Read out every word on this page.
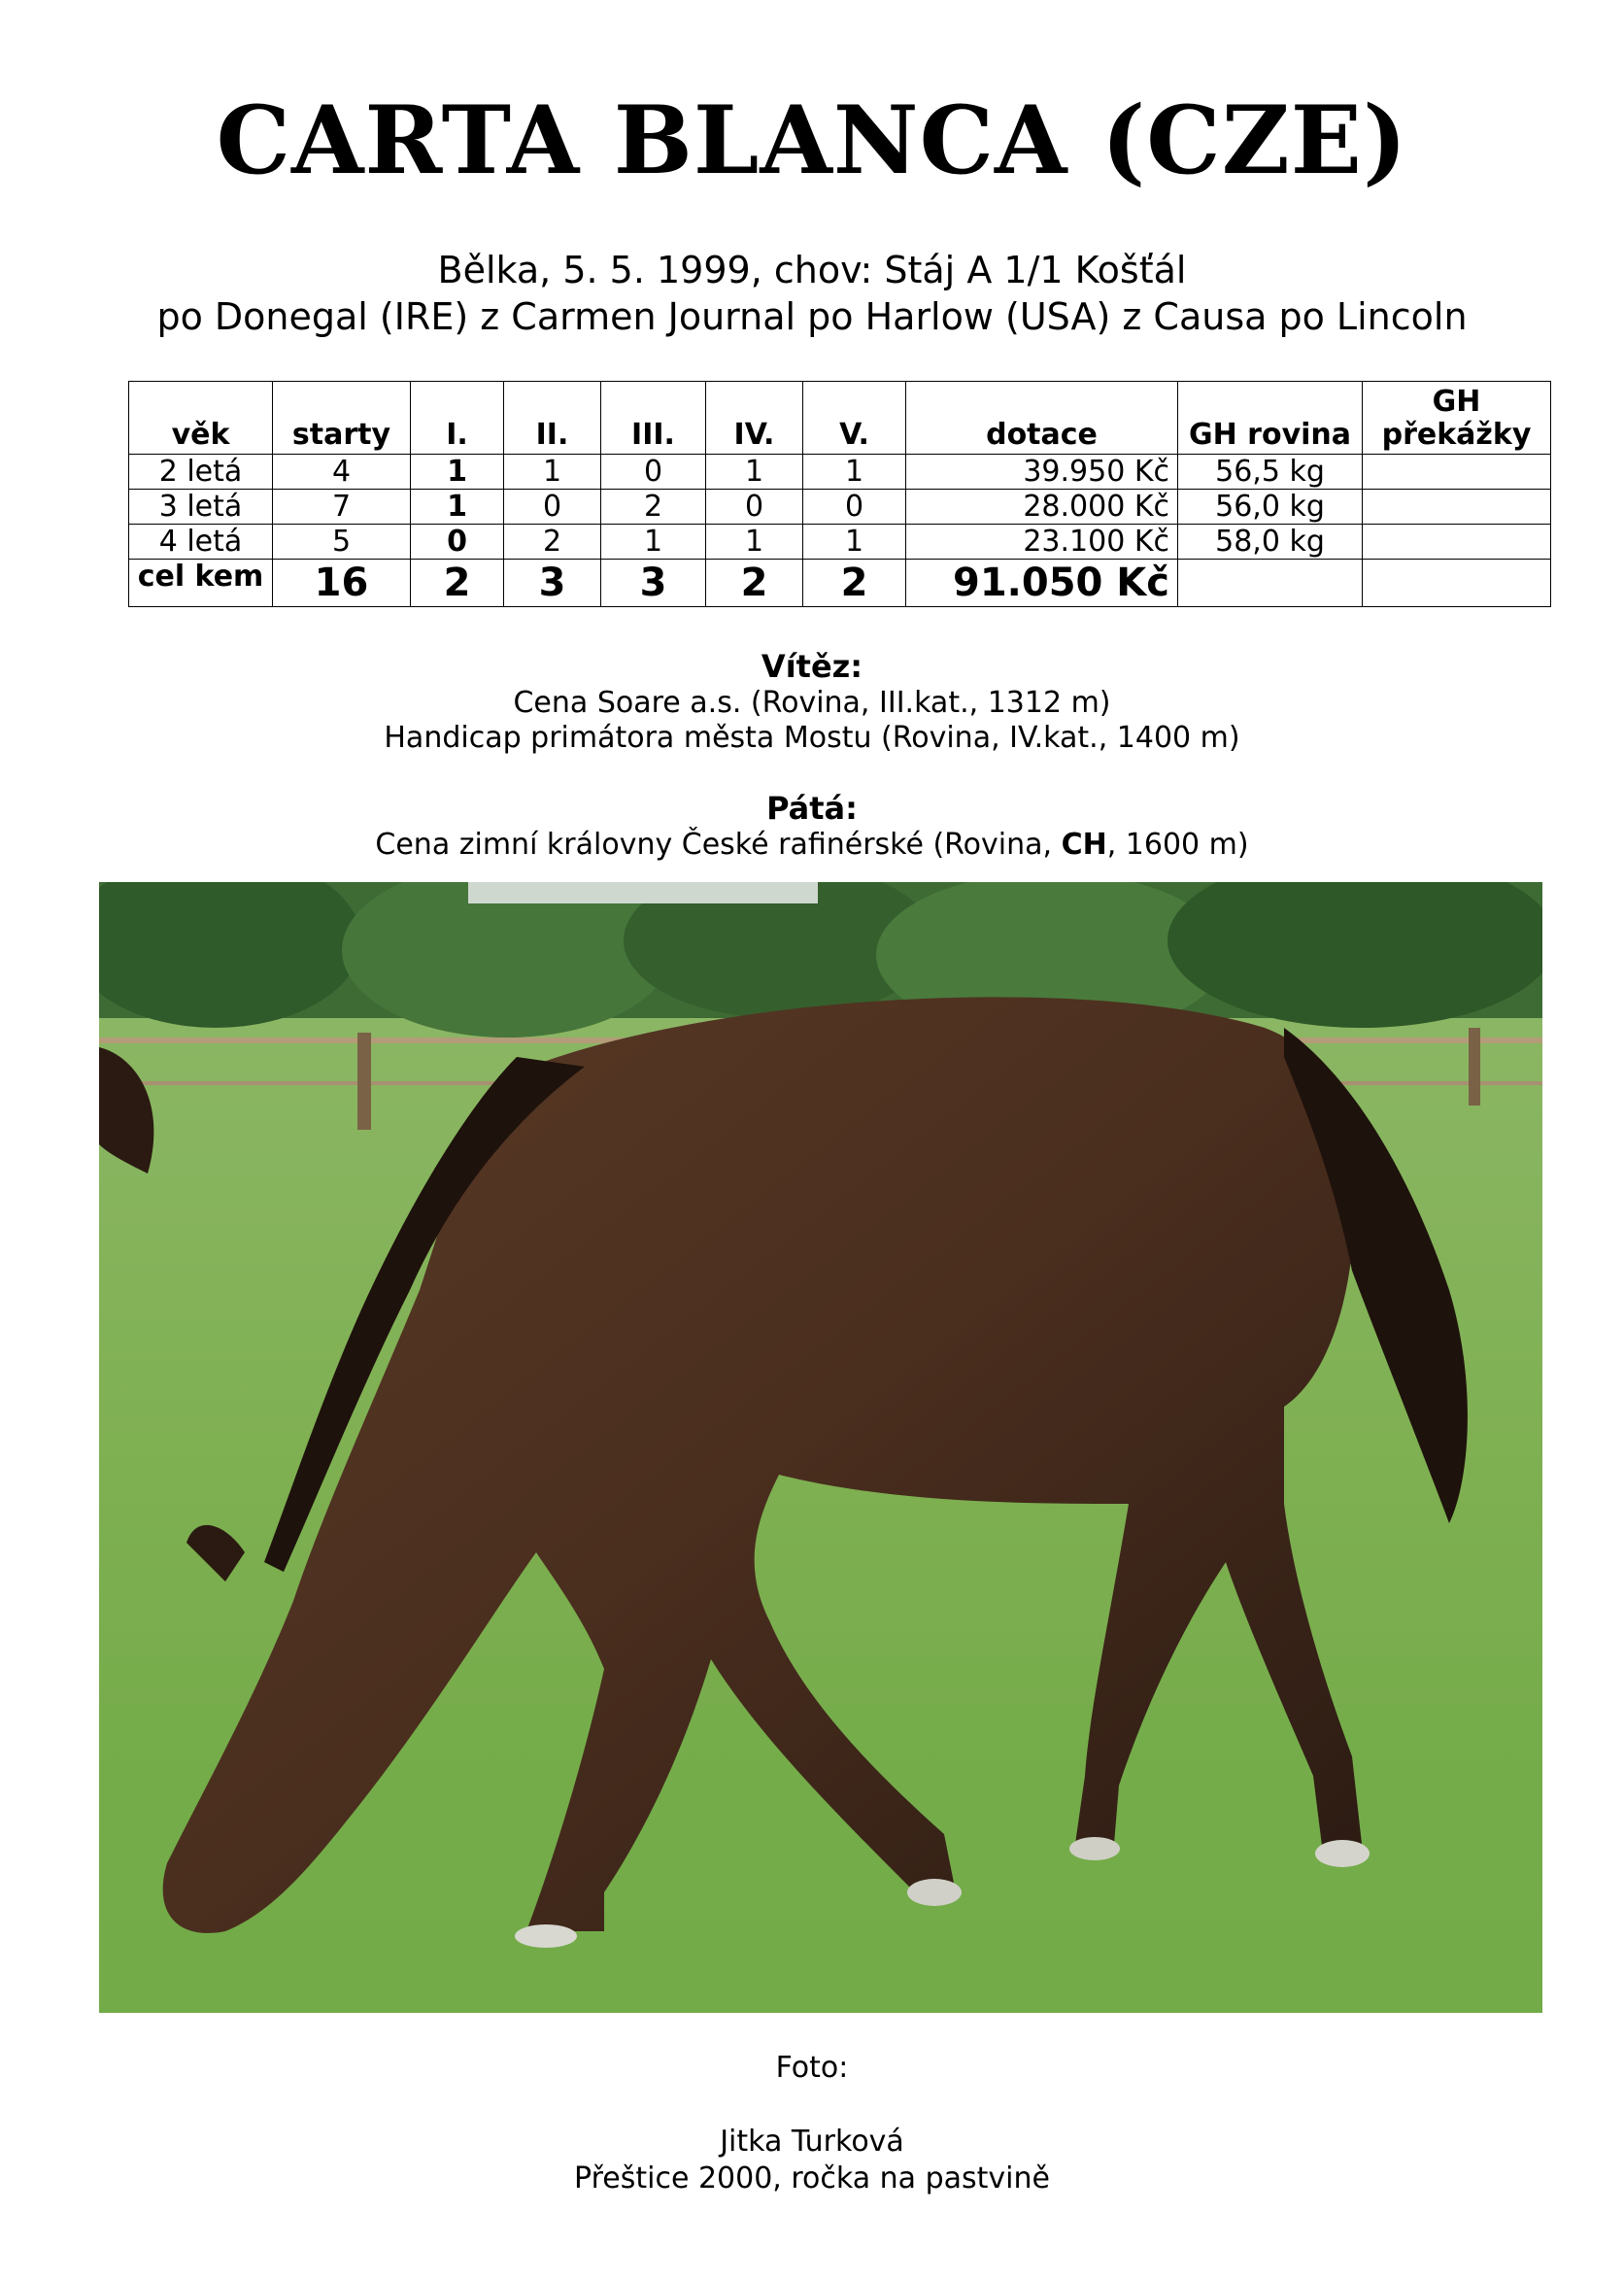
CARTA BLANCA (CZE)
Bělka, 5. 5. 1999, chov: Stáj A 1/1 Košťál
po Donegal (IRE) z Carmen Journal po Harlow (USA) z Causa po Lincoln
věk	starty	I.	II.	III.	IV.	V.	dotace	GH rovina	GH překážky
2 letá	4	1	1	0	1	1	39.950 Kč	56,5 kg	
3 letá	7	1	0	2	0	0	28.000 Kč	56,0 kg	
4 letá	5	0	2	1	1	1	23.100 Kč	58,0 kg	
cel kem	16	2	3	3	2	2	91.050 Kč		
Vítěz:
Cena Soare a.s. (Rovina, III.kat., 1312 m)
Handicap primátora města Mostu (Rovina, IV.kat., 1400 m)
Pátá:
Cena zimní královny České rafinérské (Rovina, CH, 1600 m)
Foto:
Jitka Turková
Přeštice 2000, ročka na pastvině
